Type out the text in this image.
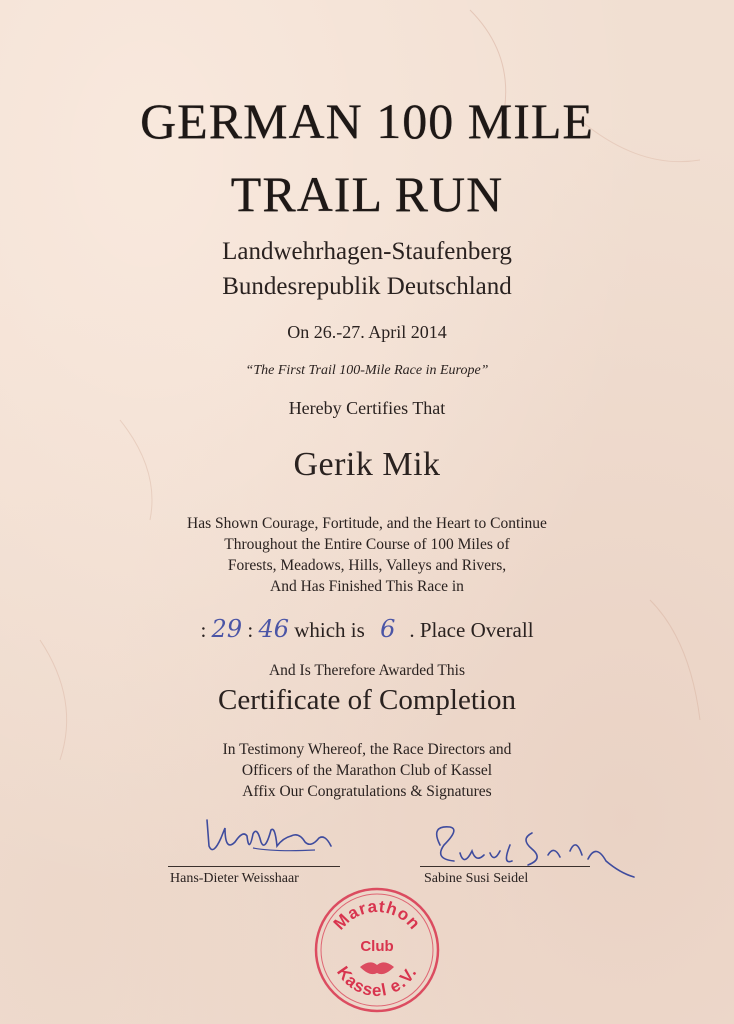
GERMAN 100 MILE
TRAIL RUN
Landwehrhagen-Staufenberg
Bundesrepublik Deutschland
On 26.-27. April 2014
“The First Trail 100-Mile Race in Europe”
Hereby Certifies That
Gerik Mik
Has Shown Courage, Fortitude, and the Heart to Continue
Throughout the Entire Course of 100 Miles of
Forests, Meadows, Hills, Valleys and Rivers,
And Has Finished This Race in
: 29 : 46 which is 6 . Place Overall
And Is Therefore Awarded This
Certificate of Completion
In Testimony Whereof, the Race Directors and
Officers of the Marathon Club of Kassel
Affix Our Congratulations & Signatures
Hans-Dieter Weisshaar	Sabine Susi Seidel
Marathon
Club
Kassel e.V.
